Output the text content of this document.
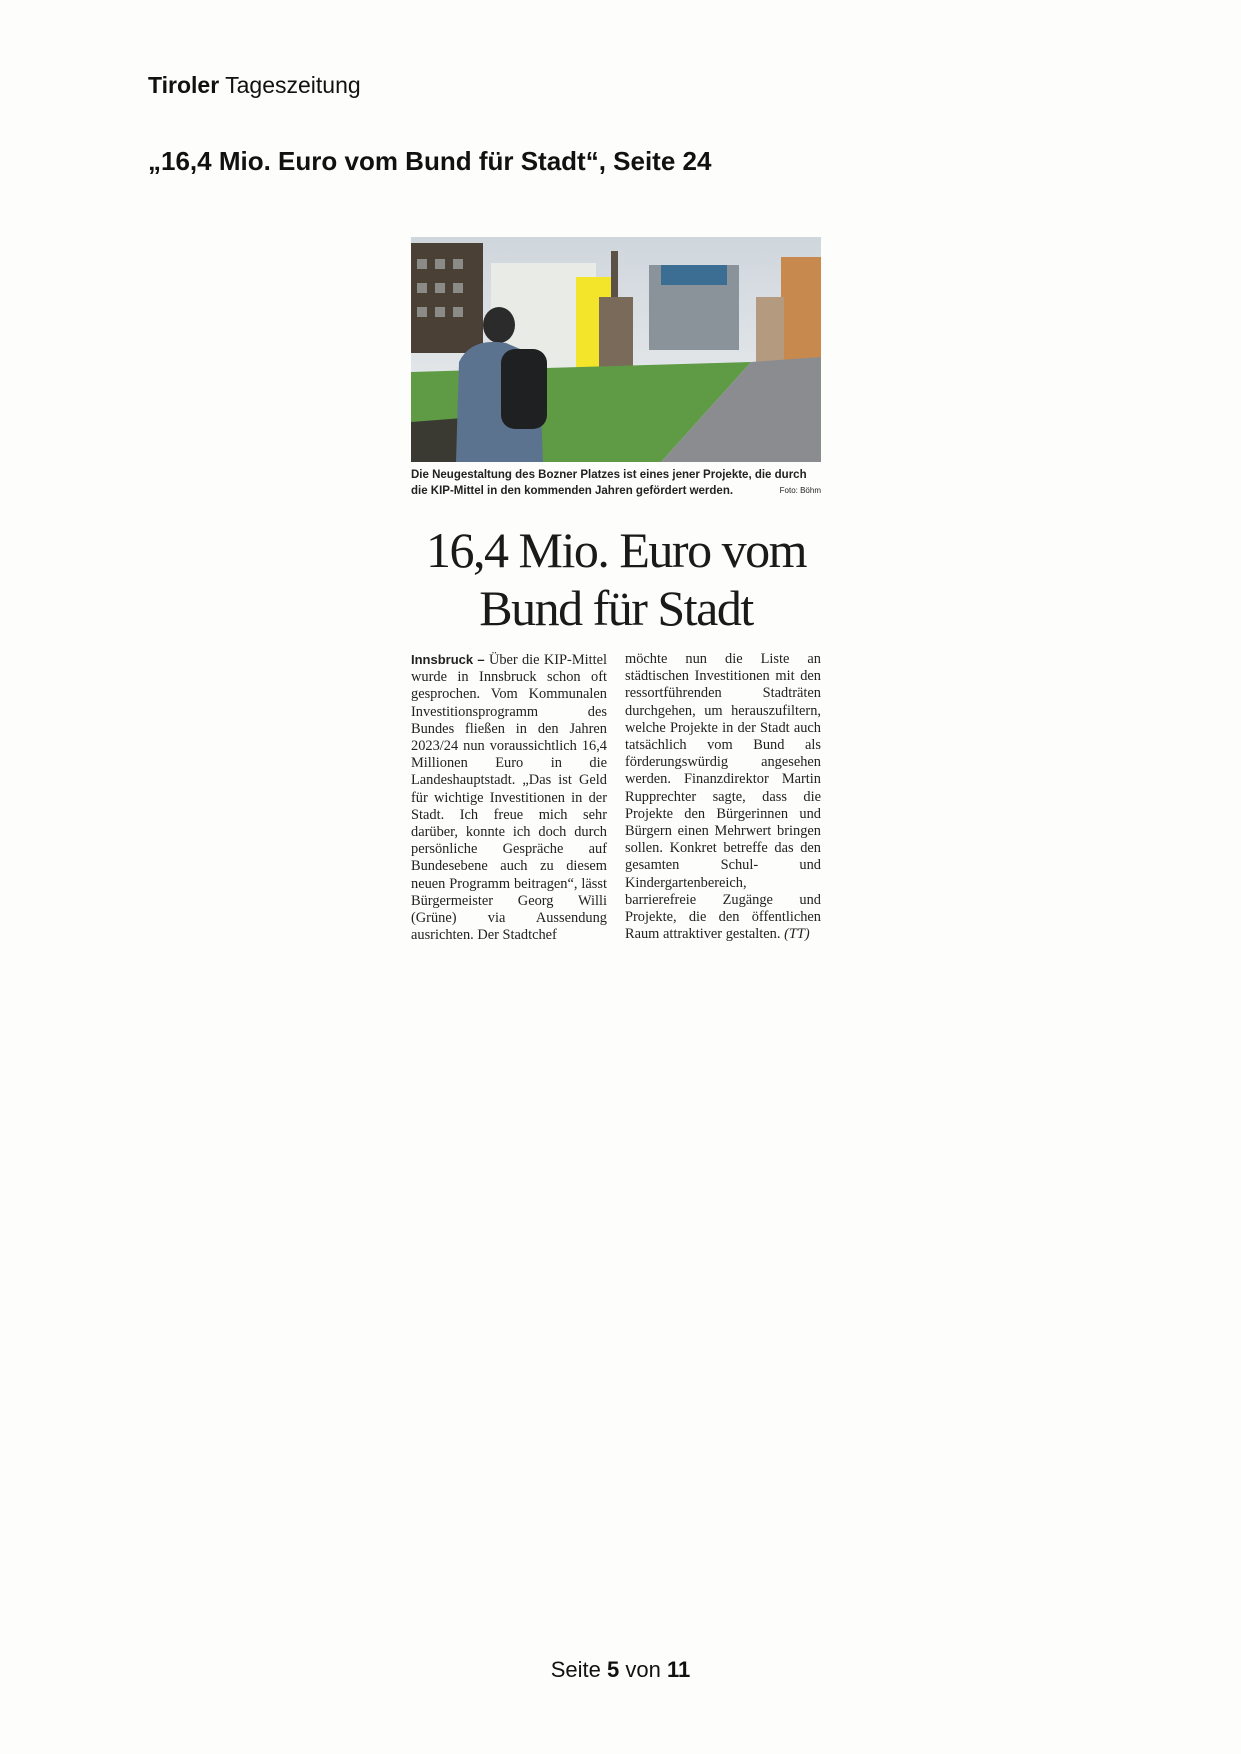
Tiroler Tageszeitung
„16,4 Mio. Euro vom Bund für Stadt“, Seite 24
Die Neugestaltung des Bozner Platzes ist eines jener Projekte, die durch die KIP-Mittel in den kommenden Jahren gefördert werden.	Foto: Böhm
16,4 Mio. Euro vom Bund für Stadt
Innsbruck – Über die KIP-Mittel wurde in Innsbruck schon oft gesprochen. Vom Kommunalen Investitionsprogramm des Bundes fließen in den Jahren 2023/24 nun voraussichtlich 16,4 Millionen Euro in die Landeshauptstadt. „Das ist Geld für wichtige Investitionen in der Stadt. Ich freue mich sehr darüber, konnte ich doch durch persönliche Gespräche auf Bundesebene auch zu diesem neuen Programm beitragen“, lässt Bürgermeister Georg Willi (Grüne) via Aussendung ausrichten. Der Stadtchef
möchte nun die Liste an städtischen Investitionen mit den ressortführenden Stadträten durchgehen, um herauszufiltern, welche Projekte in der Stadt auch tatsächlich vom Bund als förderungswürdig angesehen werden. Finanzdirektor Martin Rupprechter sagte, dass die Projekte den Bürgerinnen und Bürgern einen Mehrwert bringen sollen. Konkret betreffe das den gesamten Schul- und Kindergartenbereich, barrierefreie Zugänge und Projekte, die den öffentlichen Raum attraktiver gestalten. (TT)
Seite 5 von 11
